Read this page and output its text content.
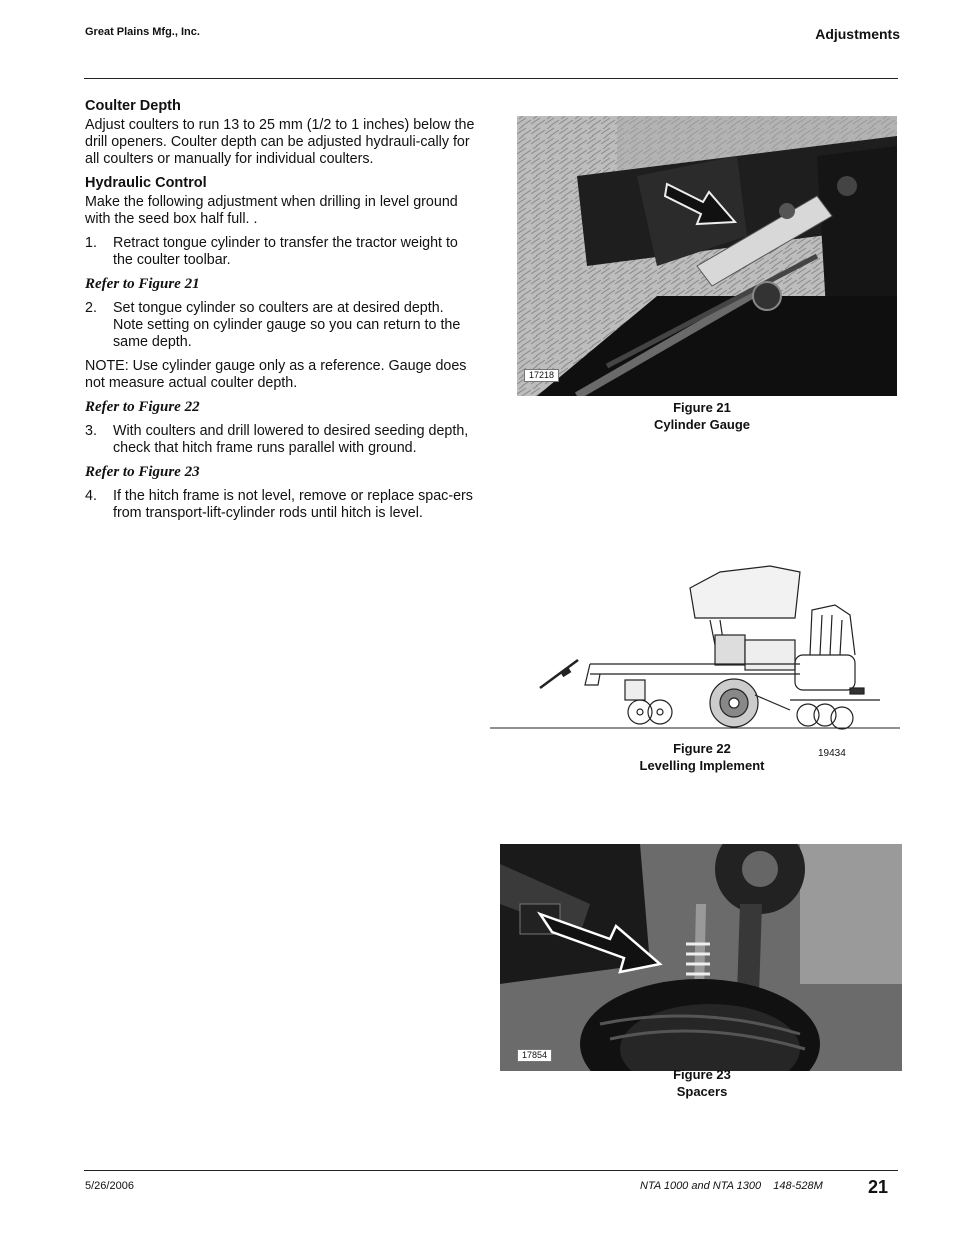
Great Plains Mfg., Inc.	Adjustments
Coulter Depth

Adjust coulters to run 13 to 25 mm (1/2 to 1 inches) below the drill openers. Coulter depth can be adjusted hydrauli-cally for all coulters or manually for individual coulters.

Hydraulic Control

Make the following adjustment when drilling in level ground with the seed box half full. .

1.	Retract tongue cylinder to transfer the tractor weight to the coulter toolbar.
Refer to Figure 21
2.	Set tongue cylinder so coulters are at desired depth. Note setting on cylinder gauge so you can return to the same depth.

NOTE: Use cylinder gauge only as a reference. Gauge does not measure actual coulter depth.

Refer to Figure 22
3.	With coulters and drill lowered to desired seeding depth, check that hitch frame runs parallel with ground.
Refer to Figure 23
4.	If the hitch frame is not level, remove or replace spac-ers from transport-lift-cylinder rods until hitch is level.
17218
Figure 21
Cylinder Gauge
Figure 22
Levelling Implement
19434
17854
Figure 23
Spacers
5/26/2006	NTA 1000 and NTA 1300    148-528M	21
